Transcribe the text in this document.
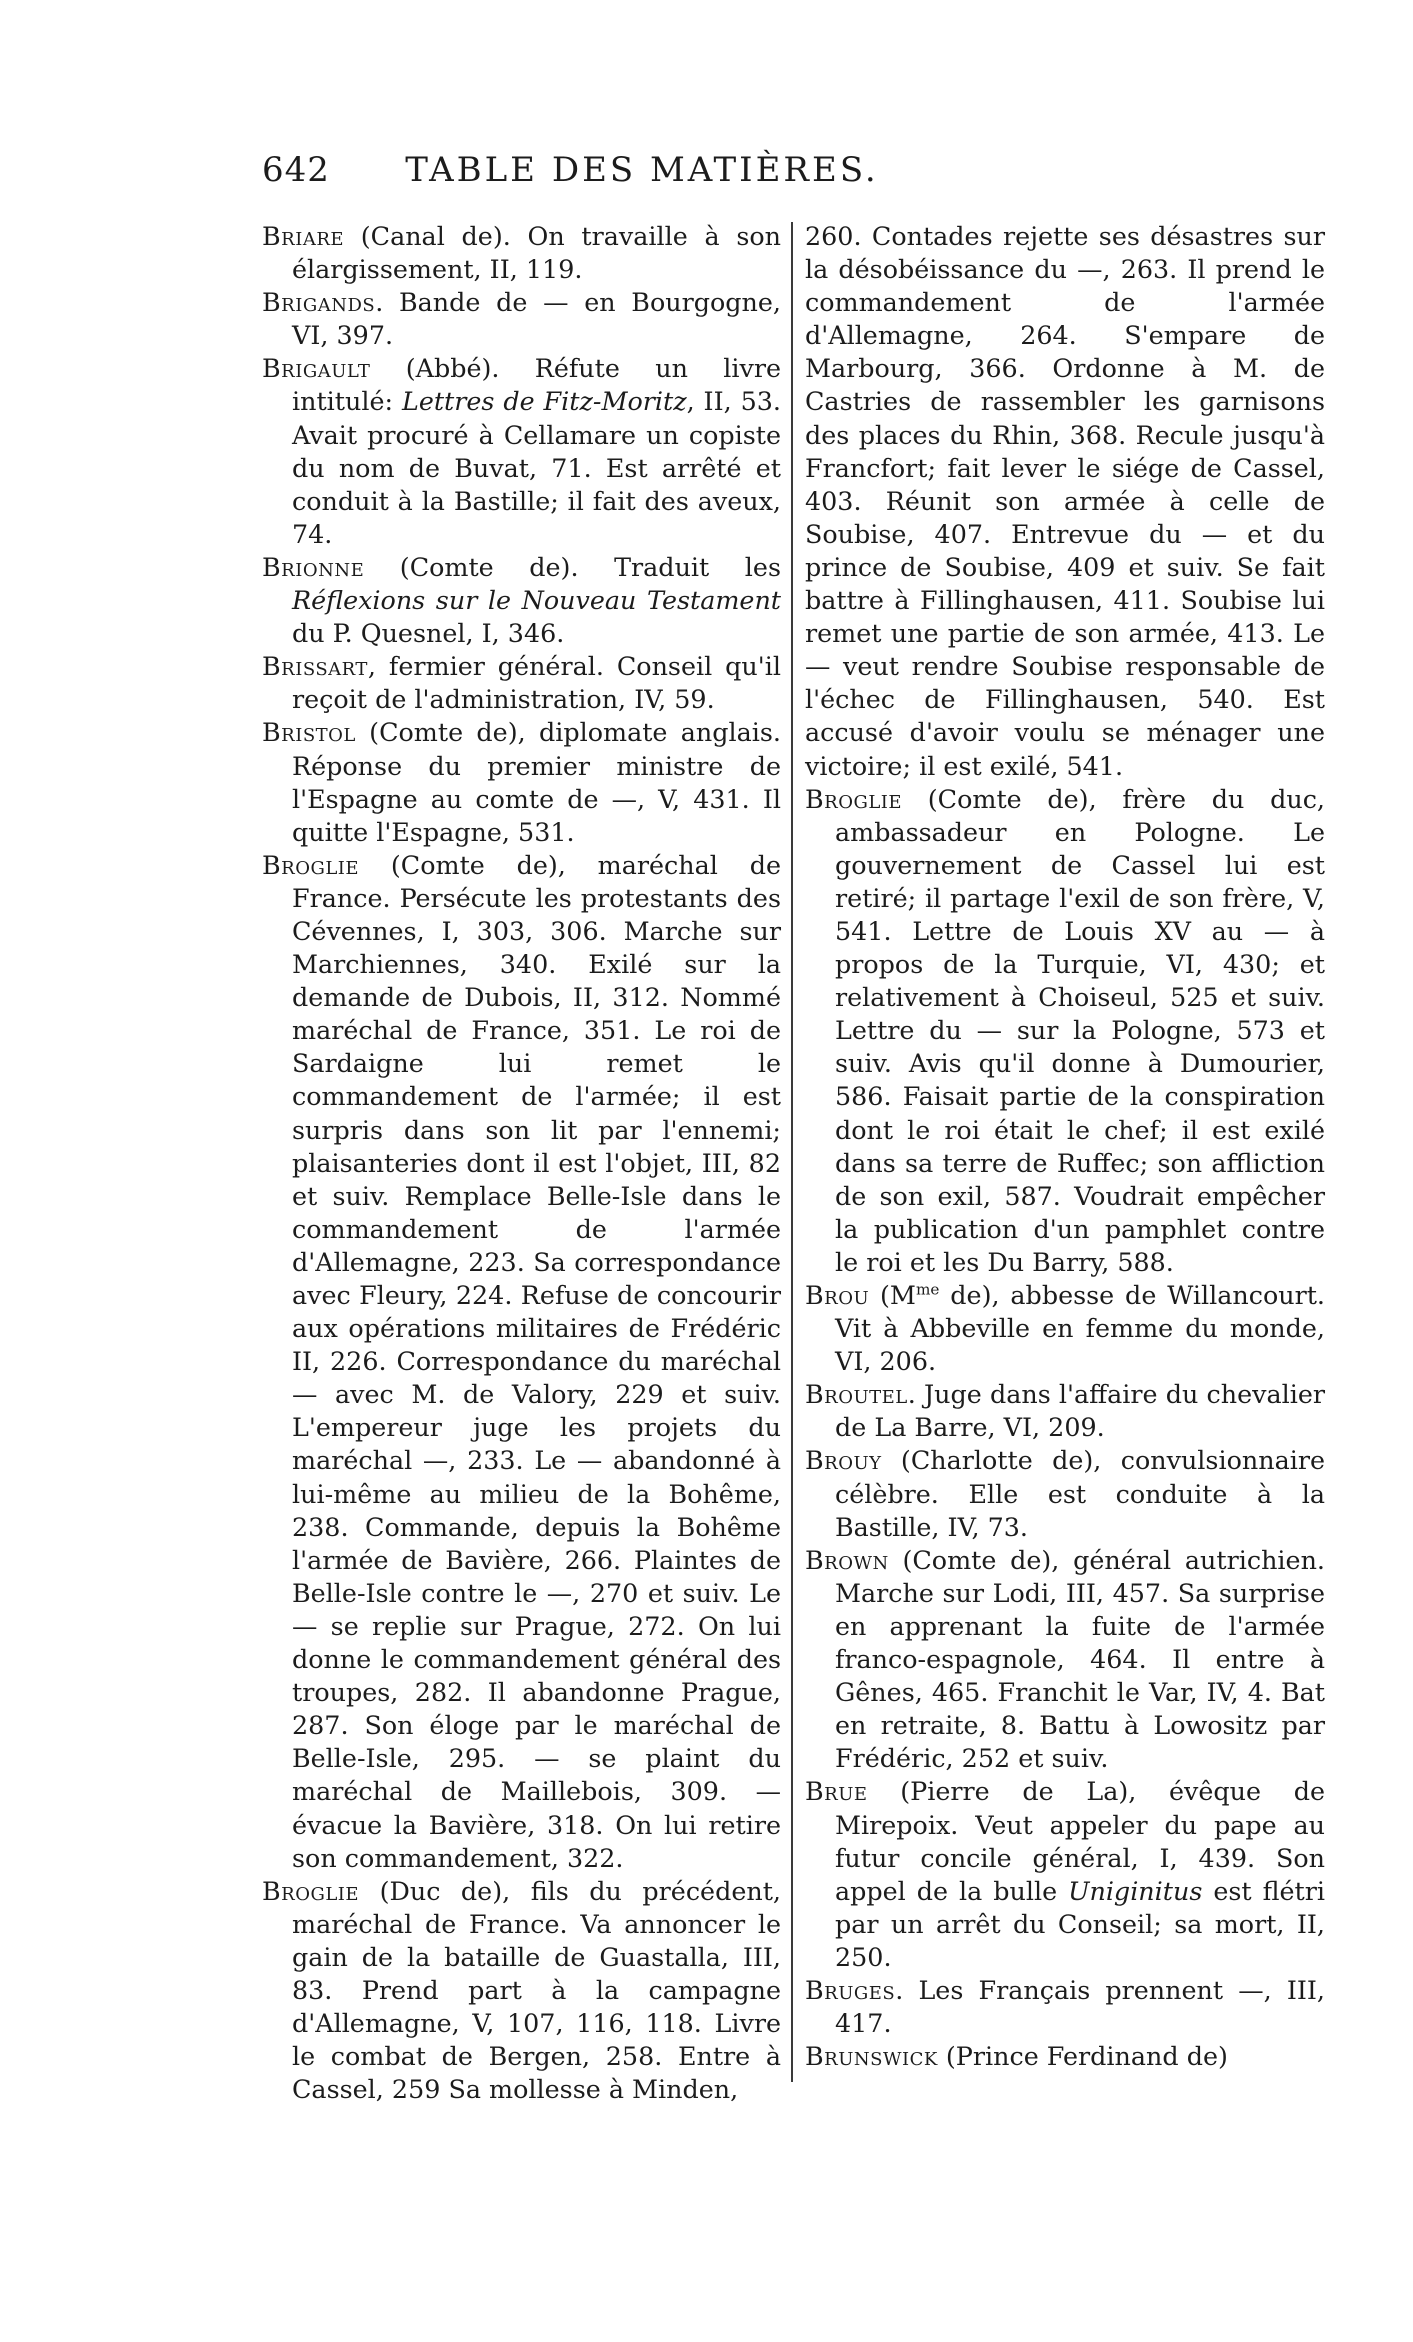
642	TABLE DES MATIÈRES.

Briare (Canal de). On travaille à son élargissement, II, 119.

Brigands. Bande de — en Bourgogne, VI, 397.

Brigault (Abbé). Réfute un livre intitulé: Lettres de Fitz-Moritz, II, 53. Avait procuré à Cellamare un copiste du nom de Buvat, 71. Est arrêté et conduit à la Bastille; il fait des aveux, 74.

Brionne (Comte de). Traduit les Réflexions sur le Nouveau Testament du P. Quesnel, I, 346.

Brissart, fermier général. Conseil qu'il reçoit de l'administration, IV, 59.

Bristol (Comte de), diplomate anglais. Réponse du premier ministre de l'Espagne au comte de —, V, 431. Il quitte l'Espagne, 531.

Broglie (Comte de), maréchal de France. Persécute les protestants des Cévennes, I, 303, 306. Marche sur Marchiennes, 340. Exilé sur la demande de Dubois, II, 312. Nommé maréchal de France, 351. Le roi de Sardaigne lui remet le commandement de l'armée; il est surpris dans son lit par l'ennemi; plaisanteries dont il est l'objet, III, 82 et suiv. Remplace Belle-Isle dans le commandement de l'armée d'Allemagne, 223. Sa correspondance avec Fleury, 224. Refuse de concourir aux opérations militaires de Frédéric II, 226. Correspondance du maréchal — avec M. de Valory, 229 et suiv. L'empereur juge les projets du maréchal —, 233. Le — abandonné à lui-même au milieu de la Bohême, 238. Commande, depuis la Bohême l'armée de Bavière, 266. Plaintes de Belle-Isle contre le —, 270 et suiv. Le — se replie sur Prague, 272. On lui donne le commandement général des troupes, 282. Il abandonne Prague, 287. Son éloge par le maréchal de Belle-Isle, 295. — se plaint du maréchal de Maillebois, 309. — évacue la Bavière, 318. On lui retire son commandement, 322.

Broglie (Duc de), fils du précédent, maréchal de France. Va annoncer le gain de la bataille de Guastalla, III, 83. Prend part à la campagne d'Allemagne, V, 107, 116, 118. Livre le combat de Bergen, 258. Entre à Cassel, 259 Sa mollesse à Minden,

260. Contades rejette ses désastres sur la désobéissance du —, 263. Il prend le commandement de l'armée d'Allemagne, 264. S'empare de Marbourg, 366. Ordonne à M. de Castries de rassembler les garnisons des places du Rhin, 368. Recule jusqu'à Francfort; fait lever le siége de Cassel, 403. Réunit son armée à celle de Soubise, 407. Entrevue du — et du prince de Soubise, 409 et suiv. Se fait battre à Fillinghausen, 411. Soubise lui remet une partie de son armée, 413. Le — veut rendre Soubise responsable de l'échec de Fillinghausen, 540. Est accusé d'avoir voulu se ménager une victoire; il est exilé, 541.

Broglie (Comte de), frère du duc, ambassadeur en Pologne. Le gouvernement de Cassel lui est retiré; il partage l'exil de son frère, V, 541. Lettre de Louis XV au — à propos de la Turquie, VI, 430; et relativement à Choiseul, 525 et suiv. Lettre du — sur la Pologne, 573 et suiv. Avis qu'il donne à Dumourier, 586. Faisait partie de la conspiration dont le roi était le chef; il est exilé dans sa terre de Ruffec; son affliction de son exil, 587. Voudrait empêcher la publication d'un pamphlet contre le roi et les Du Barry, 588.

Brou ($M^{me}$ de), abbesse de Willancourt. Vit à Abbeville en femme du monde, VI, 206.

Broutel. Juge dans l'affaire du chevalier de La Barre, VI, 209.

Brouy (Charlotte de), convulsionnaire célèbre. Elle est conduite à la Bastille, IV, 73.

Brown (Comte de), général autrichien. Marche sur Lodi, III, 457. Sa surprise en apprenant la fuite de l'armée franco-espagnole, 464. Il entre à Gênes, 465. Franchit le Var, IV, 4. Bat en retraite, 8. Battu à Lowositz par Frédéric, 252 et suiv.

Brue (Pierre de La), évêque de Mirepoix. Veut appeler du pape au futur concile général, I, 439. Son appel de la bulle Uniginitus est flétri par un arrêt du Conseil; sa mort, II, 250.

Bruges. Les Français prennent —, III, 417.

Brunswick (Prince Ferdinand de)
